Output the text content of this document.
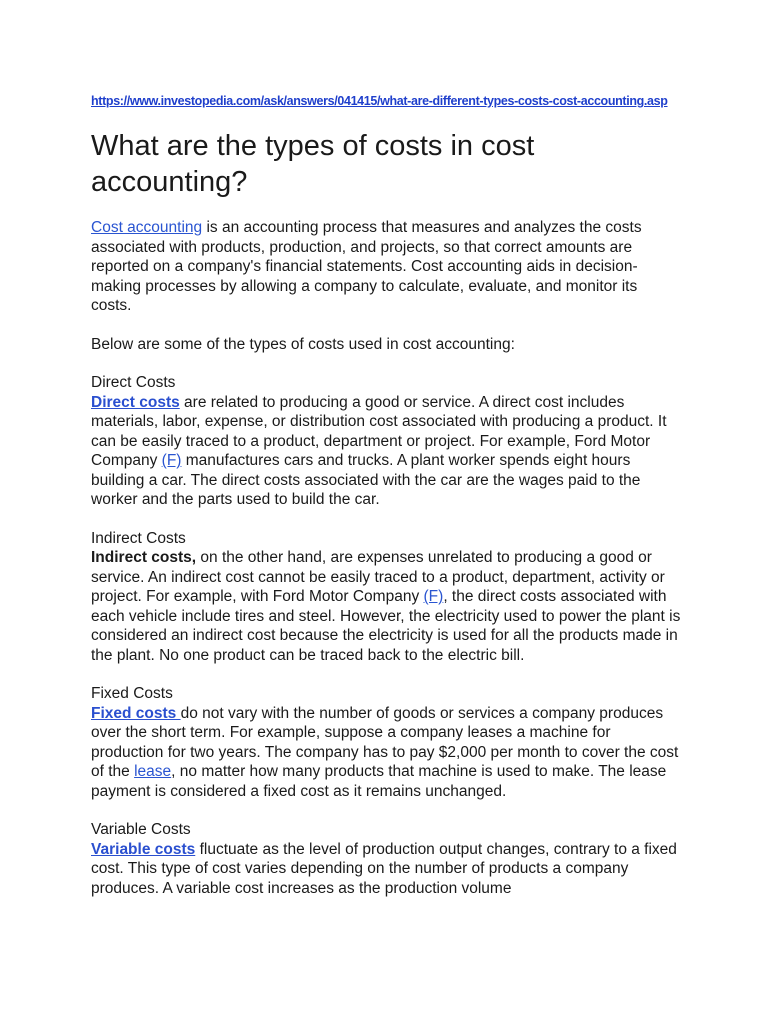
https://www.investopedia.com/ask/answers/041415/what-are-different-types-costs-cost-accounting.asp

What are the types of costs in cost accounting?

Cost accounting is an accounting process that measures and analyzes the costs associated with products, production, and projects, so that correct amounts are reported on a company's financial statements. Cost accounting aids in decision-making processes by allowing a company to calculate, evaluate, and monitor its costs.

Below are some of the types of costs used in cost accounting:

Direct Costs

Direct costs are related to producing a good or service. A direct cost includes materials, labor, expense, or distribution cost associated with producing a product. It can be easily traced to a product, department or project. For example, Ford Motor Company (F) manufactures cars and trucks. A plant worker spends eight hours building a car. The direct costs associated with the car are the wages paid to the worker and the parts used to build the car.

Indirect Costs

Indirect costs, on the other hand, are expenses unrelated to producing a good or service. An indirect cost cannot be easily traced to a product, department, activity or project. For example, with Ford Motor Company (F), the direct costs associated with each vehicle include tires and steel. However, the electricity used to power the plant is considered an indirect cost because the electricity is used for all the products made in the plant. No one product can be traced back to the electric bill.

Fixed Costs

Fixed costs do not vary with the number of goods or services a company produces over the short term. For example, suppose a company leases a machine for production for two years. The company has to pay $2,000 per month to cover the cost of the lease, no matter how many products that machine is used to make. The lease payment is considered a fixed cost as it remains unchanged.

Variable Costs

Variable costs fluctuate as the level of production output changes, contrary to a fixed cost. This type of cost varies depending on the number of products a company produces. A variable cost increases as the production volume
